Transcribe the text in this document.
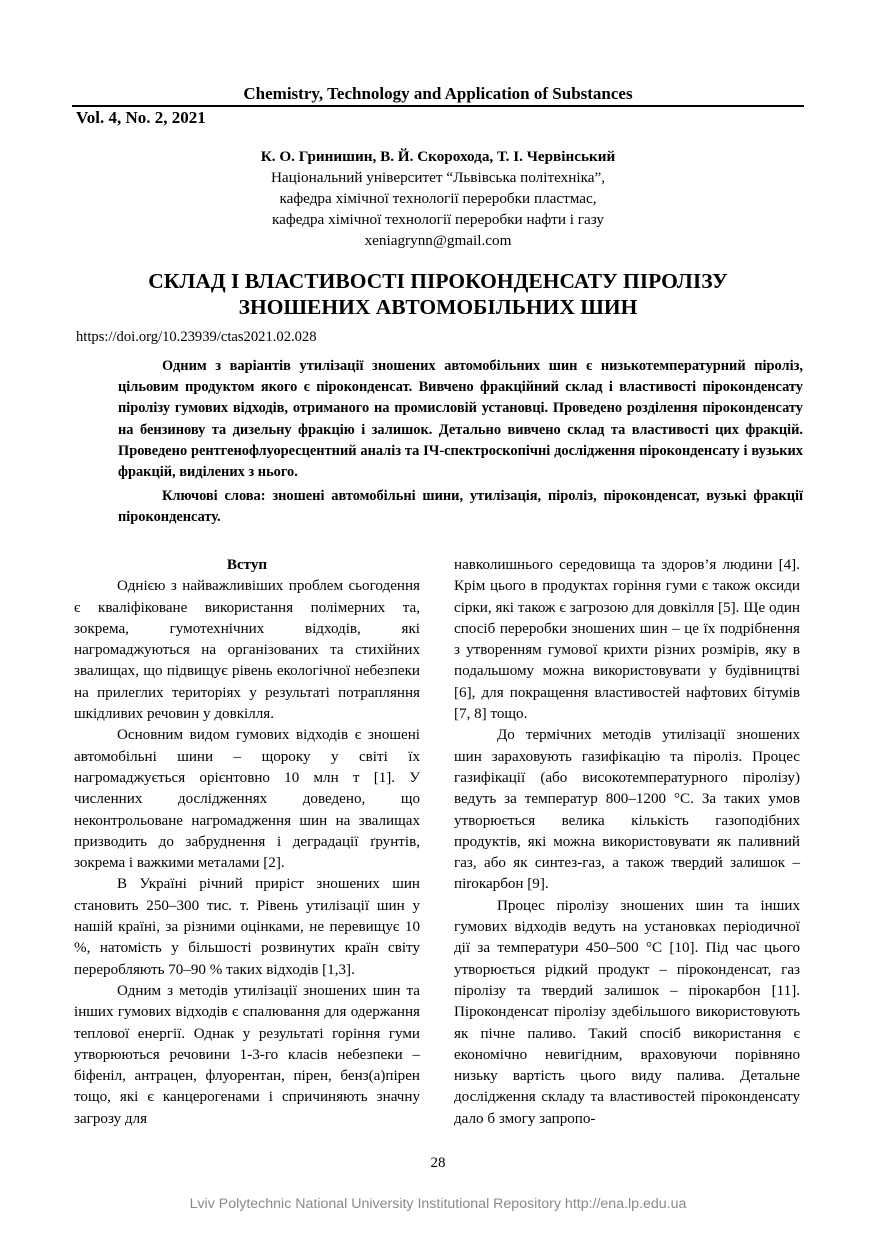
Chemistry, Technology and Application of Substances
Vol. 4, No. 2, 2021
К. О. Гринишин, В. Й. Скорохода, Т. І. Червінський
Національний університет “Львівська політехніка”,
кафедра хімічної технології переробки пластмас,
кафедра хімічної технології переробки нафти і газу
xeniagrynn@gmail.com
СКЛАД І ВЛАСТИВОСТІ ПІРОКОНДЕНСАТУ ПІРОЛІЗУ
ЗНОШЕНИХ АВТОМОБІЛЬНИХ ШИН
https://doi.org/10.23939/ctas2021.02.028

Одним з варіантів утилізації зношених автомобільних шин є низькотемпературний піроліз, цільовим продуктом якого є піроконденсат. Вивчено фракційний склад і властивості піроконденсату піролізу гумових відходів, отриманого на промисловій установці. Проведено розділення піроконденсату на бензинову та дизельну фракцію і залишок. Детально вивчено склад та властивості цих фракцій. Проведено рентгенофлуоресцентний аналіз та ІЧ-спектроскопічні дослідження піроконденсату і вузьких фракцій, виділених з нього.

Ключові слова: зношені автомобільні шини, утилізація, піроліз, піроконденсат, вузькі фракції піроконденсату.

Вступ

Однією з найважливіших проблем сьогодення є кваліфіковане використання полімерних та, зокрема, гумотехнічних відходів, які нагромаджуються на організованих та стихійних звалищах, що підвищує рівень екологічної небезпеки на прилеглих територіях у результаті потрапляння шкідливих речовин у довкілля.

Основним видом гумових відходів є зношені автомобільні шини – щороку у світі їх нагромаджується орієнтовно 10 млн т [1]. У численних дослідженнях доведено, що неконтрольоване нагромадження шин на звалищах призводить до забруднення і деградації ґрунтів, зокрема і важкими металами [2].

В Україні річний приріст зношених шин становить 250–300 тис. т. Рівень утилізації шин у нашій країні, за різними оцінками, не перевищує 10 %, натомість у більшості розвинутих країн світу переробляють 70–90 % таких відходів [1,3].

Одним з методів утилізації зношених шин та інших гумових відходів є спалювання для одержання теплової енергії. Однак у результаті горіння гуми утворюються речовини 1-3-го класів небезпеки – біфеніл, антрацен, флуорентан, пірен, бенз(а)пірен тощо, які є канцерогенами і спричиняють значну загрозу для

навколишнього середовища та здоров’я людини [4]. Крім цього в продуктах горіння гуми є також оксиди сірки, які також є загрозою для довкілля [5]. Ще один спосіб переробки зношених шин – це їх подрібнення з утворенням гумової крихти різних розмірів, яку в подальшому можна використовувати у будівництві [6], для покращення властивостей нафтових бітумів [7, 8] тощо.

До термічних методів утилізації зношених шин зараховують газифікацію та піроліз. Процес газифікації (або високотемпературного піролізу) ведуть за температур 800–1200 °С. За таких умов утворюється велика кількість газоподібних продуктів, які можна використовувати як паливний газ, або як синтез-газ, а також твердий залишок – піrокарбон [9].

Процес піролізу зношених шин та інших гумових відходів ведуть на установках періодичної дії за температури 450–500 °С [10]. Під час цього утворюється рідкий продукт – піроконденсат, газ піролізу та твердий залишок – пірокарбон [11]. Піроконденсат піролізу здебільшого використовують як пічне паливо. Такий спосіб використання є економічно невигідним, враховуючи порівняно низьку вартість цього виду палива. Детальне дослідження складу та властивостей піроконденсату дало б змогу запропо-

28
Lviv Polytechnic National University Institutional Repository http://ena.lp.edu.ua
